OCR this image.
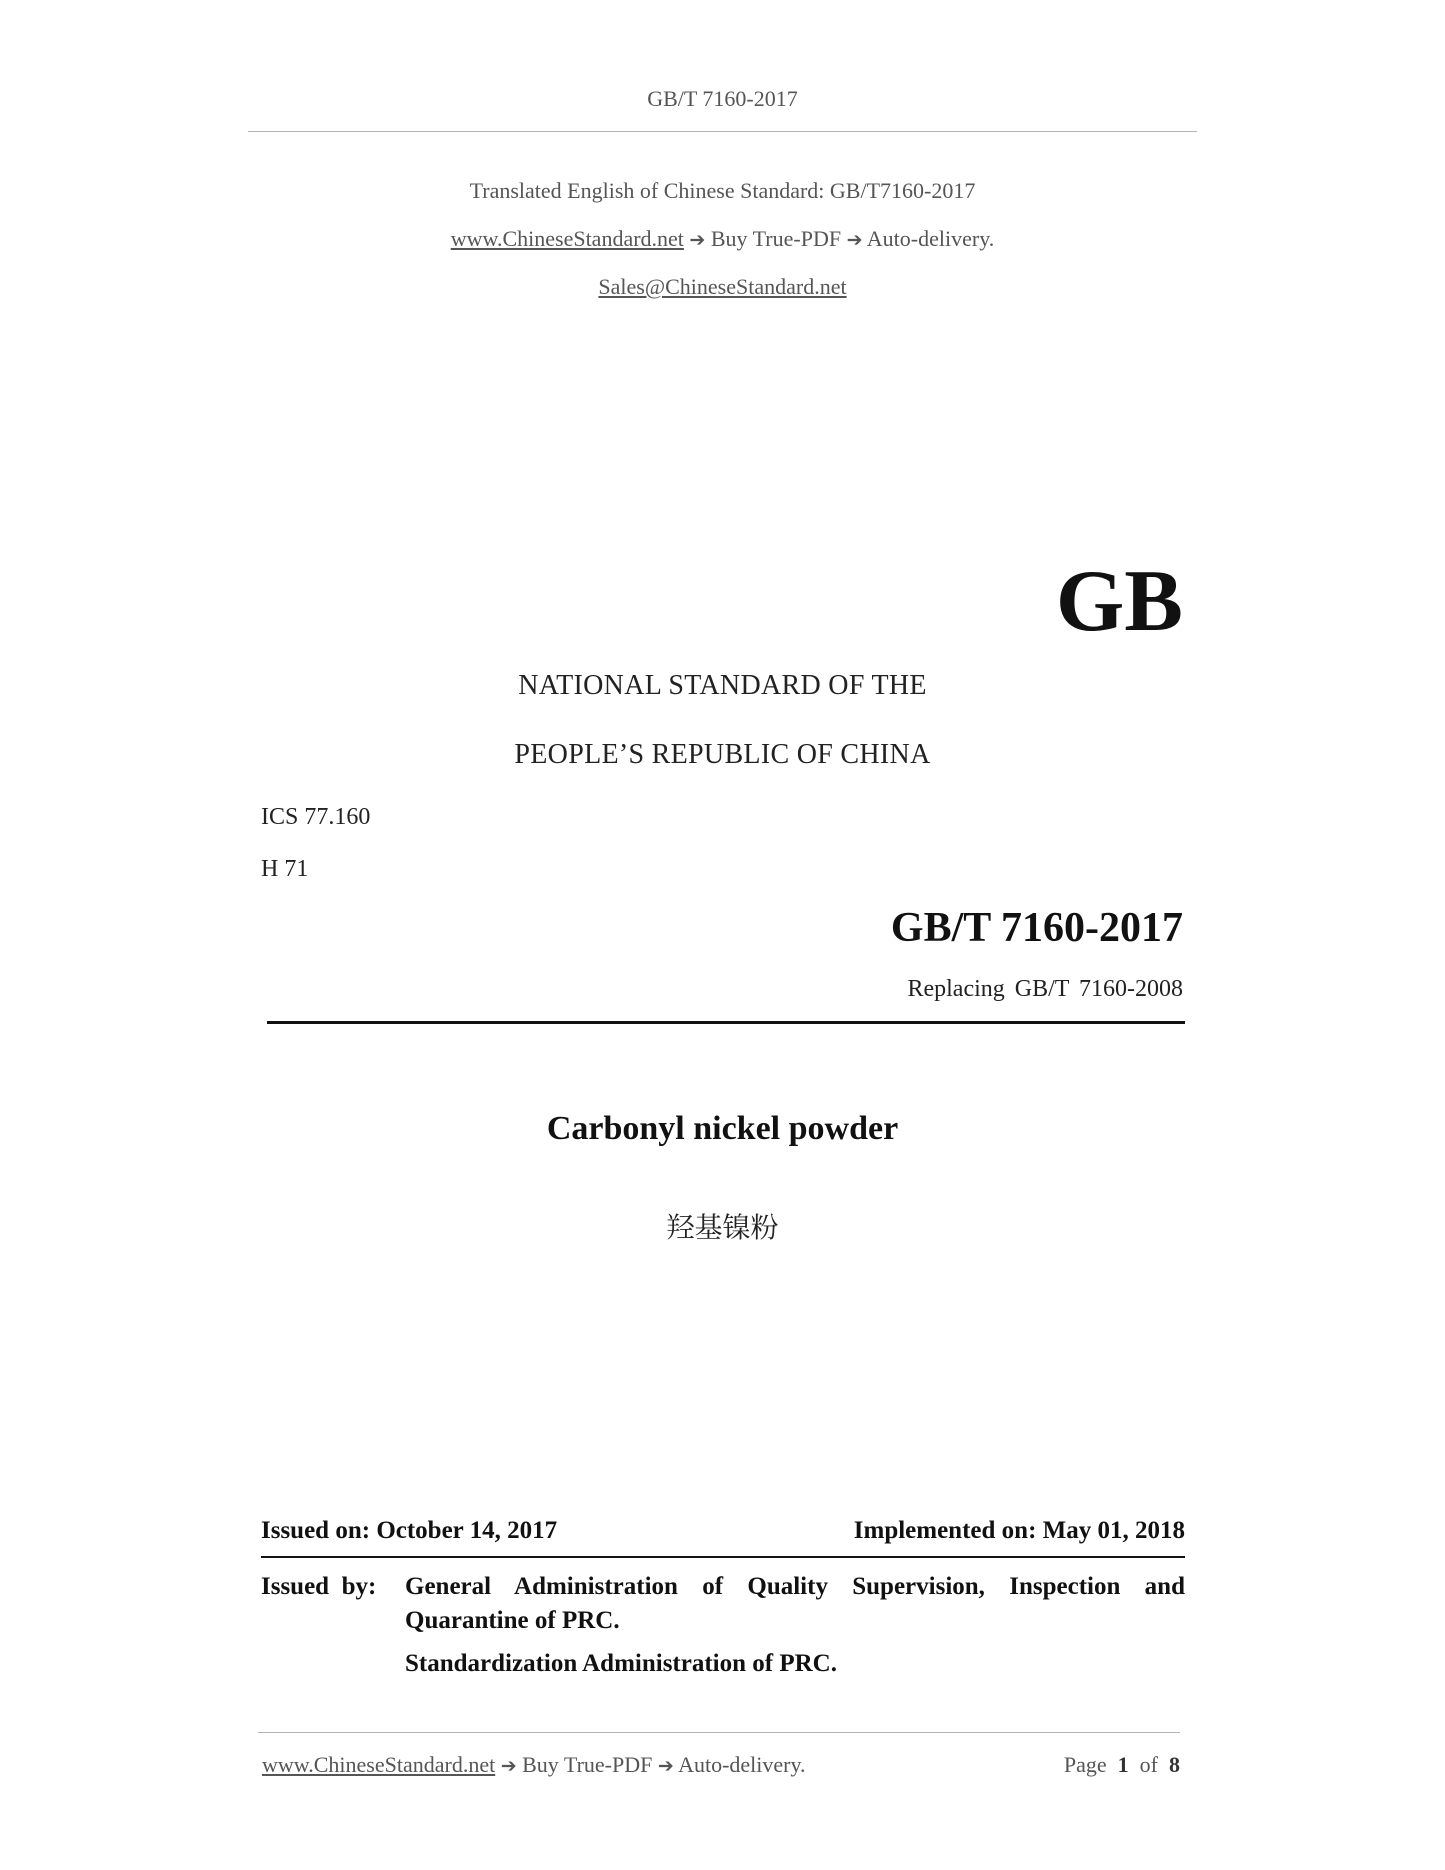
GB/T 7160-2017
Translated English of Chinese Standard: GB/T7160-2017
www.ChineseStandard.net ➔ Buy True-PDF ➔ Auto-delivery.
Sales@ChineseStandard.net
GB
NATIONAL STANDARD OF THE
PEOPLE’S REPUBLIC OF CHINA
ICS 77.160
H 71
GB/T 7160-2017
Replacing GB/T 7160-2008
Carbonyl nickel powder
羟基镍粉
Issued on: October 14, 2017	Implemented on: May 01, 2018
Issued  by:	General Administration of Quality Supervision, Inspection and Quarantine of PRC.
Standardization Administration of PRC.
www.ChineseStandard.net ➔ Buy True-PDF ➔ Auto-delivery.	Page 1 of 8
